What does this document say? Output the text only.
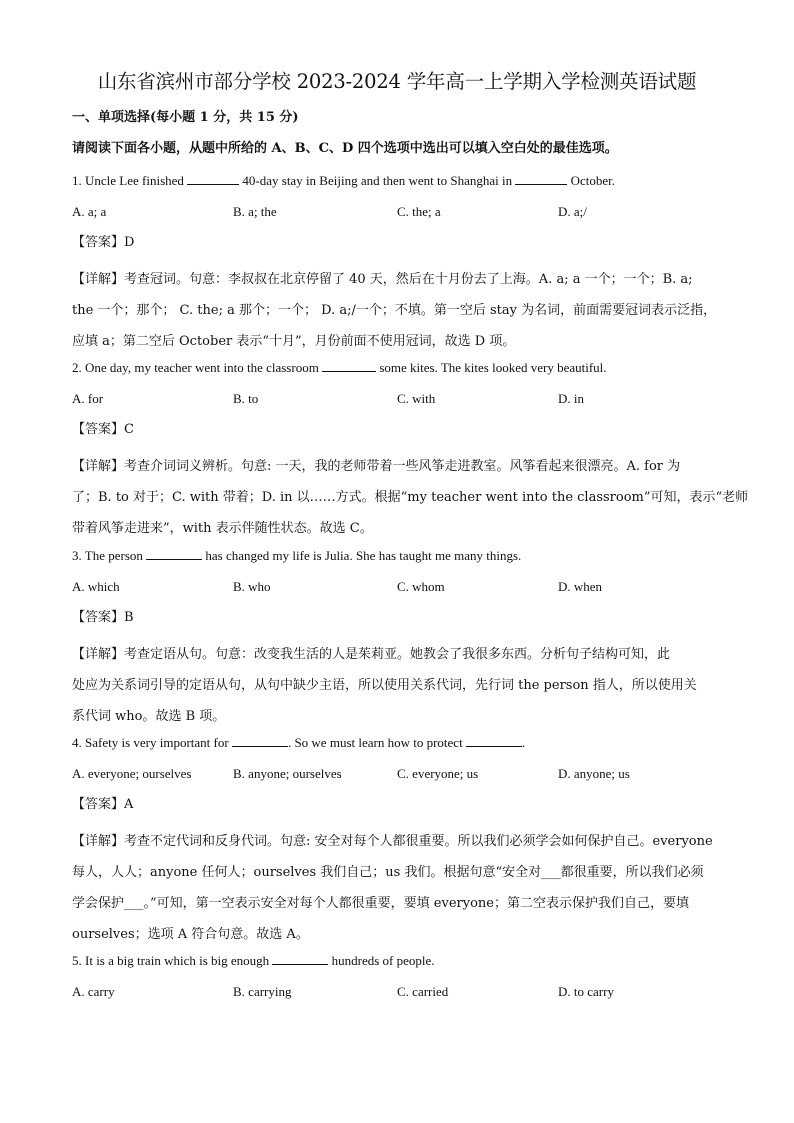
山东省滨州市部分学校 2023-2024 学年高一上学期入学检测英语试题
一、单项选择(每小题 1 分，共 15 分)
请阅读下面各小题，从题中所给的 A、B、C、D 四个选项中选出可以填入空白处的最佳选项。
1. Uncle Lee finished	40-day stay in Beijing and then went to Shanghai in	October.
A. a; a	B. a; the	C. the; a	D. a;/
【答案】D
【详解】考查冠词。句意：李叔叔在北京停留了 40 天，然后在十月份去了上海。A. a; a 一个；一个；B. a;
the 一个；那个； C. the; a 那个；一个； D. a;/一个；不填。第一空后 stay 为名词，前面需要冠词表示泛指，
应填 a；第二空后 October 表示“十月”，月份前面不使用冠词，故选 D 项。
2. One day, my teacher went into the classroom	some kites. The kites looked very beautiful.
A. for	B. to	C. with	D. in
【答案】C
【详解】考查介词词义辨析。句意: 一天，我的老师带着一些风筝走进教室。风筝看起来很漂亮。A. for 为
了；B. to 对于；C. with 带着；D. in 以……方式。根据“my teacher went into the classroom”可知，表示“老师
带着风筝走进来”，with 表示伴随性状态。故选 C。
3. The person	has changed my life is Julia. She has taught me many things.
A. which	B. who	C. whom	D. when
【答案】B
【详解】考查定语从句。句意：改变我生活的人是茱莉亚。她教会了我很多东西。分析句子结构可知，此
处应为关系词引导的定语从句，从句中缺少主语，所以使用关系代词，先行词 the person 指人，所以使用关
系代词 who。故选 B 项。
4. Safety is very important for	. So we must learn how to protect	.
A. everyone; ourselves	B. anyone; ourselves	C. everyone; us	D. anyone; us
【答案】A
【详解】考查不定代词和反身代词。句意: 安全对每个人都很重要。所以我们必须学会如何保护自己。everyone
每人，人人；anyone 任何人；ourselves 我们自己；us 我们。根据句意“安全对___都很重要，所以我们必须
学会保护___。”可知，第一空表示安全对每个人都很重要，要填 everyone；第二空表示保护我们自己，要填
ourselves；选项 A 符合句意。故选 A。
5. It is a big train which is big enough	hundreds of people.
A. carry	B. carrying	C. carried	D. to carry
